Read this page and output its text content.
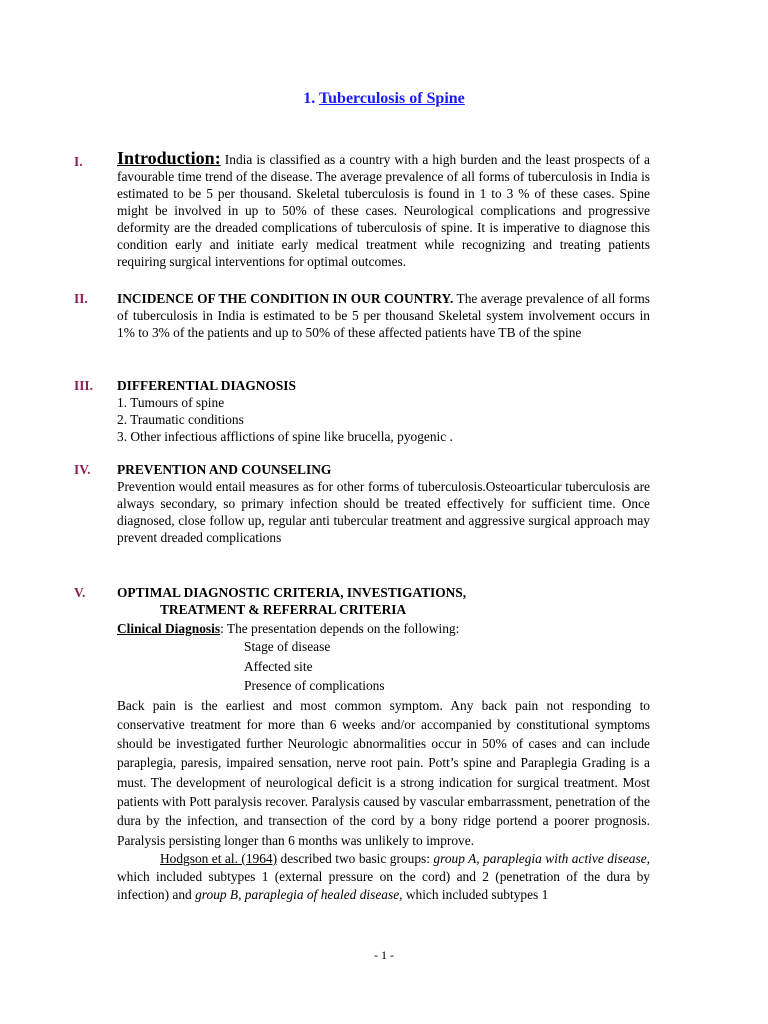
1. Tuberculosis of Spine
I. Introduction: India is classified as a country with a high burden and the least prospects of a favourable time trend of the disease. The average prevalence of all forms of tuberculosis in India is estimated to be 5 per thousand. Skeletal tuberculosis is found in 1 to 3 % of these cases. Spine might be involved in up to 50% of these cases. Neurological complications and progressive deformity are the dreaded complications of tuberculosis of spine. It is imperative to diagnose this condition early and initiate early medical treatment while recognizing and treating patients requiring surgical interventions for optimal outcomes.
II. INCIDENCE OF THE CONDITION IN OUR COUNTRY. The average prevalence of all forms of tuberculosis in India is estimated to be 5 per thousand Skeletal system involvement occurs in 1% to 3% of the patients and up to 50% of these affected patients have TB of the spine
III. DIFFERENTIAL DIAGNOSIS
1. Tumours of spine
2. Traumatic conditions
3. Other infectious afflictions of spine like brucella, pyogenic .
IV. PREVENTION AND COUNSELING
Prevention would entail measures as for other forms of tuberculosis.Osteoarticular tuberculosis are always secondary, so primary infection should be treated effectively for sufficient time. Once diagnosed, close follow up, regular anti tubercular treatment and aggressive surgical approach may prevent dreaded complications
V. OPTIMAL DIAGNOSTIC CRITERIA, INVESTIGATIONS,
TREATMENT & REFERRAL CRITERIA
Clinical Diagnosis: The presentation depends on the following:
Stage of disease
Affected site
Presence of complications
Back pain is the earliest and most common symptom. Any back pain not responding to conservative treatment for more than 6 weeks and/or accompanied by constitutional symptoms should be investigated further Neurologic abnormalities occur in 50% of cases and can include paraplegia, paresis, impaired sensation, nerve root pain. Pott’s spine and Paraplegia Grading is a must. The development of neurological deficit is a strong indication for surgical treatment. Most patients with Pott paralysis recover. Paralysis caused by vascular embarrassment, penetration of the dura by the infection, and transection of the cord by a bony ridge portend a poorer prognosis. Paralysis persisting longer than 6 months was unlikely to improve.
Hodgson et al. (1964) described two basic groups: group A, paraplegia with active disease, which included subtypes 1 (external pressure on the cord) and 2 (penetration of the dura by infection) and group B, paraplegia of healed disease, which included subtypes 1
- 1 -
